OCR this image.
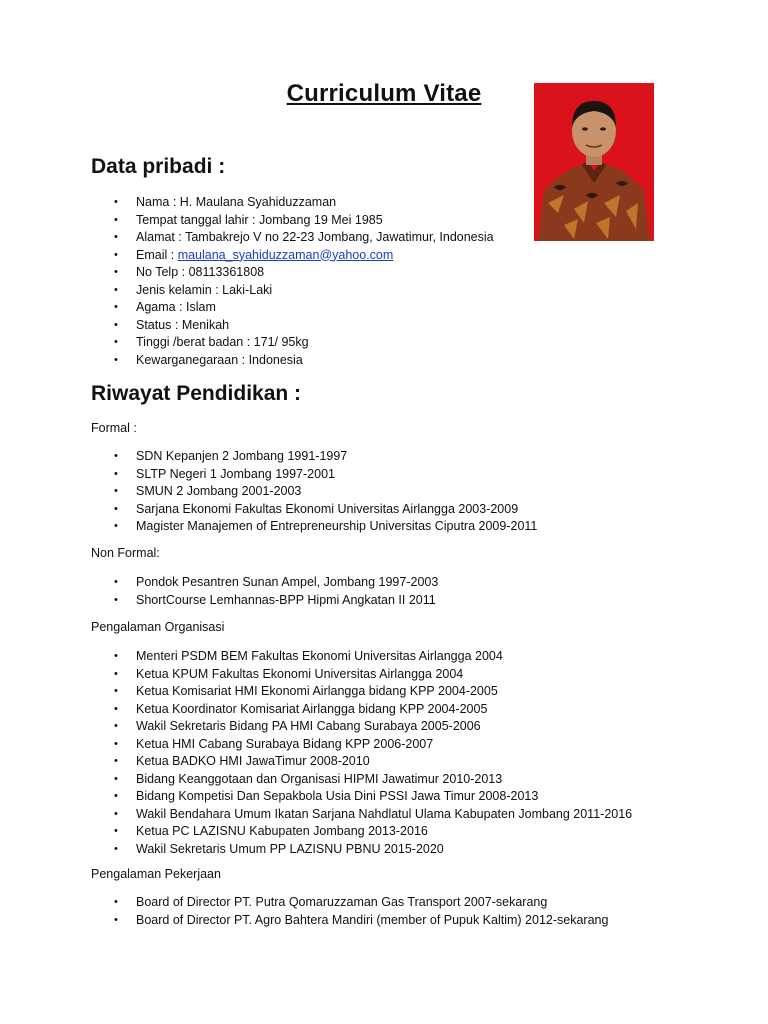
Curriculum Vitae
Data pribadi :
• Nama : H. Maulana Syahiduzzaman
• Tempat tanggal lahir : Jombang 19 Mei 1985
• Alamat : Tambakrejo V no 22-23 Jombang, Jawatimur, Indonesia
• Email : maulana_syahiduzzaman@yahoo.com
• No Telp : 08113361808
• Jenis kelamin : Laki-Laki
• Agama : Islam
• Status : Menikah
• Tinggi /berat badan : 171/ 95kg
• Kewarganegaraan : Indonesia
Riwayat Pendidikan :
Formal :
• SDN Kepanjen 2 Jombang 1991-1997
• SLTP Negeri 1 Jombang 1997-2001
• SMUN 2 Jombang 2001-2003
• Sarjana Ekonomi Fakultas Ekonomi Universitas Airlangga 2003-2009
• Magister Manajemen of Entrepreneurship Universitas Ciputra 2009-2011
Non Formal:
• Pondok Pesantren Sunan Ampel, Jombang 1997-2003
• ShortCourse Lemhannas-BPP Hipmi Angkatan II 2011
Pengalaman Organisasi
• Menteri PSDM BEM Fakultas Ekonomi Universitas Airlangga 2004
• Ketua KPUM Fakultas Ekonomi Universitas Airlangga 2004
• Ketua Komisariat HMI Ekonomi Airlangga bidang KPP 2004-2005
• Ketua Koordinator Komisariat Airlangga bidang KPP 2004-2005
• Wakil Sekretaris Bidang PA HMI Cabang Surabaya 2005-2006
• Ketua HMI Cabang Surabaya Bidang KPP 2006-2007
• Ketua BADKO HMI JawaTimur 2008-2010
• Bidang Keanggotaan dan Organisasi HIPMI Jawatimur 2010-2013
• Bidang Kompetisi Dan Sepakbola Usia Dini PSSI Jawa Timur 2008-2013
• Wakil Bendahara Umum Ikatan Sarjana Nahdlatul Ulama Kabupaten Jombang 2011-2016
• Ketua PC LAZISNU Kabupaten Jombang 2013-2016
• Wakil Sekretaris Umum PP LAZISNU PBNU 2015-2020
Pengalaman Pekerjaan
• Board of Director PT. Putra Qomaruzzaman Gas Transport 2007-sekarang
• Board of Director PT. Agro Bahtera Mandiri (member of Pupuk Kaltim) 2012-sekarang
